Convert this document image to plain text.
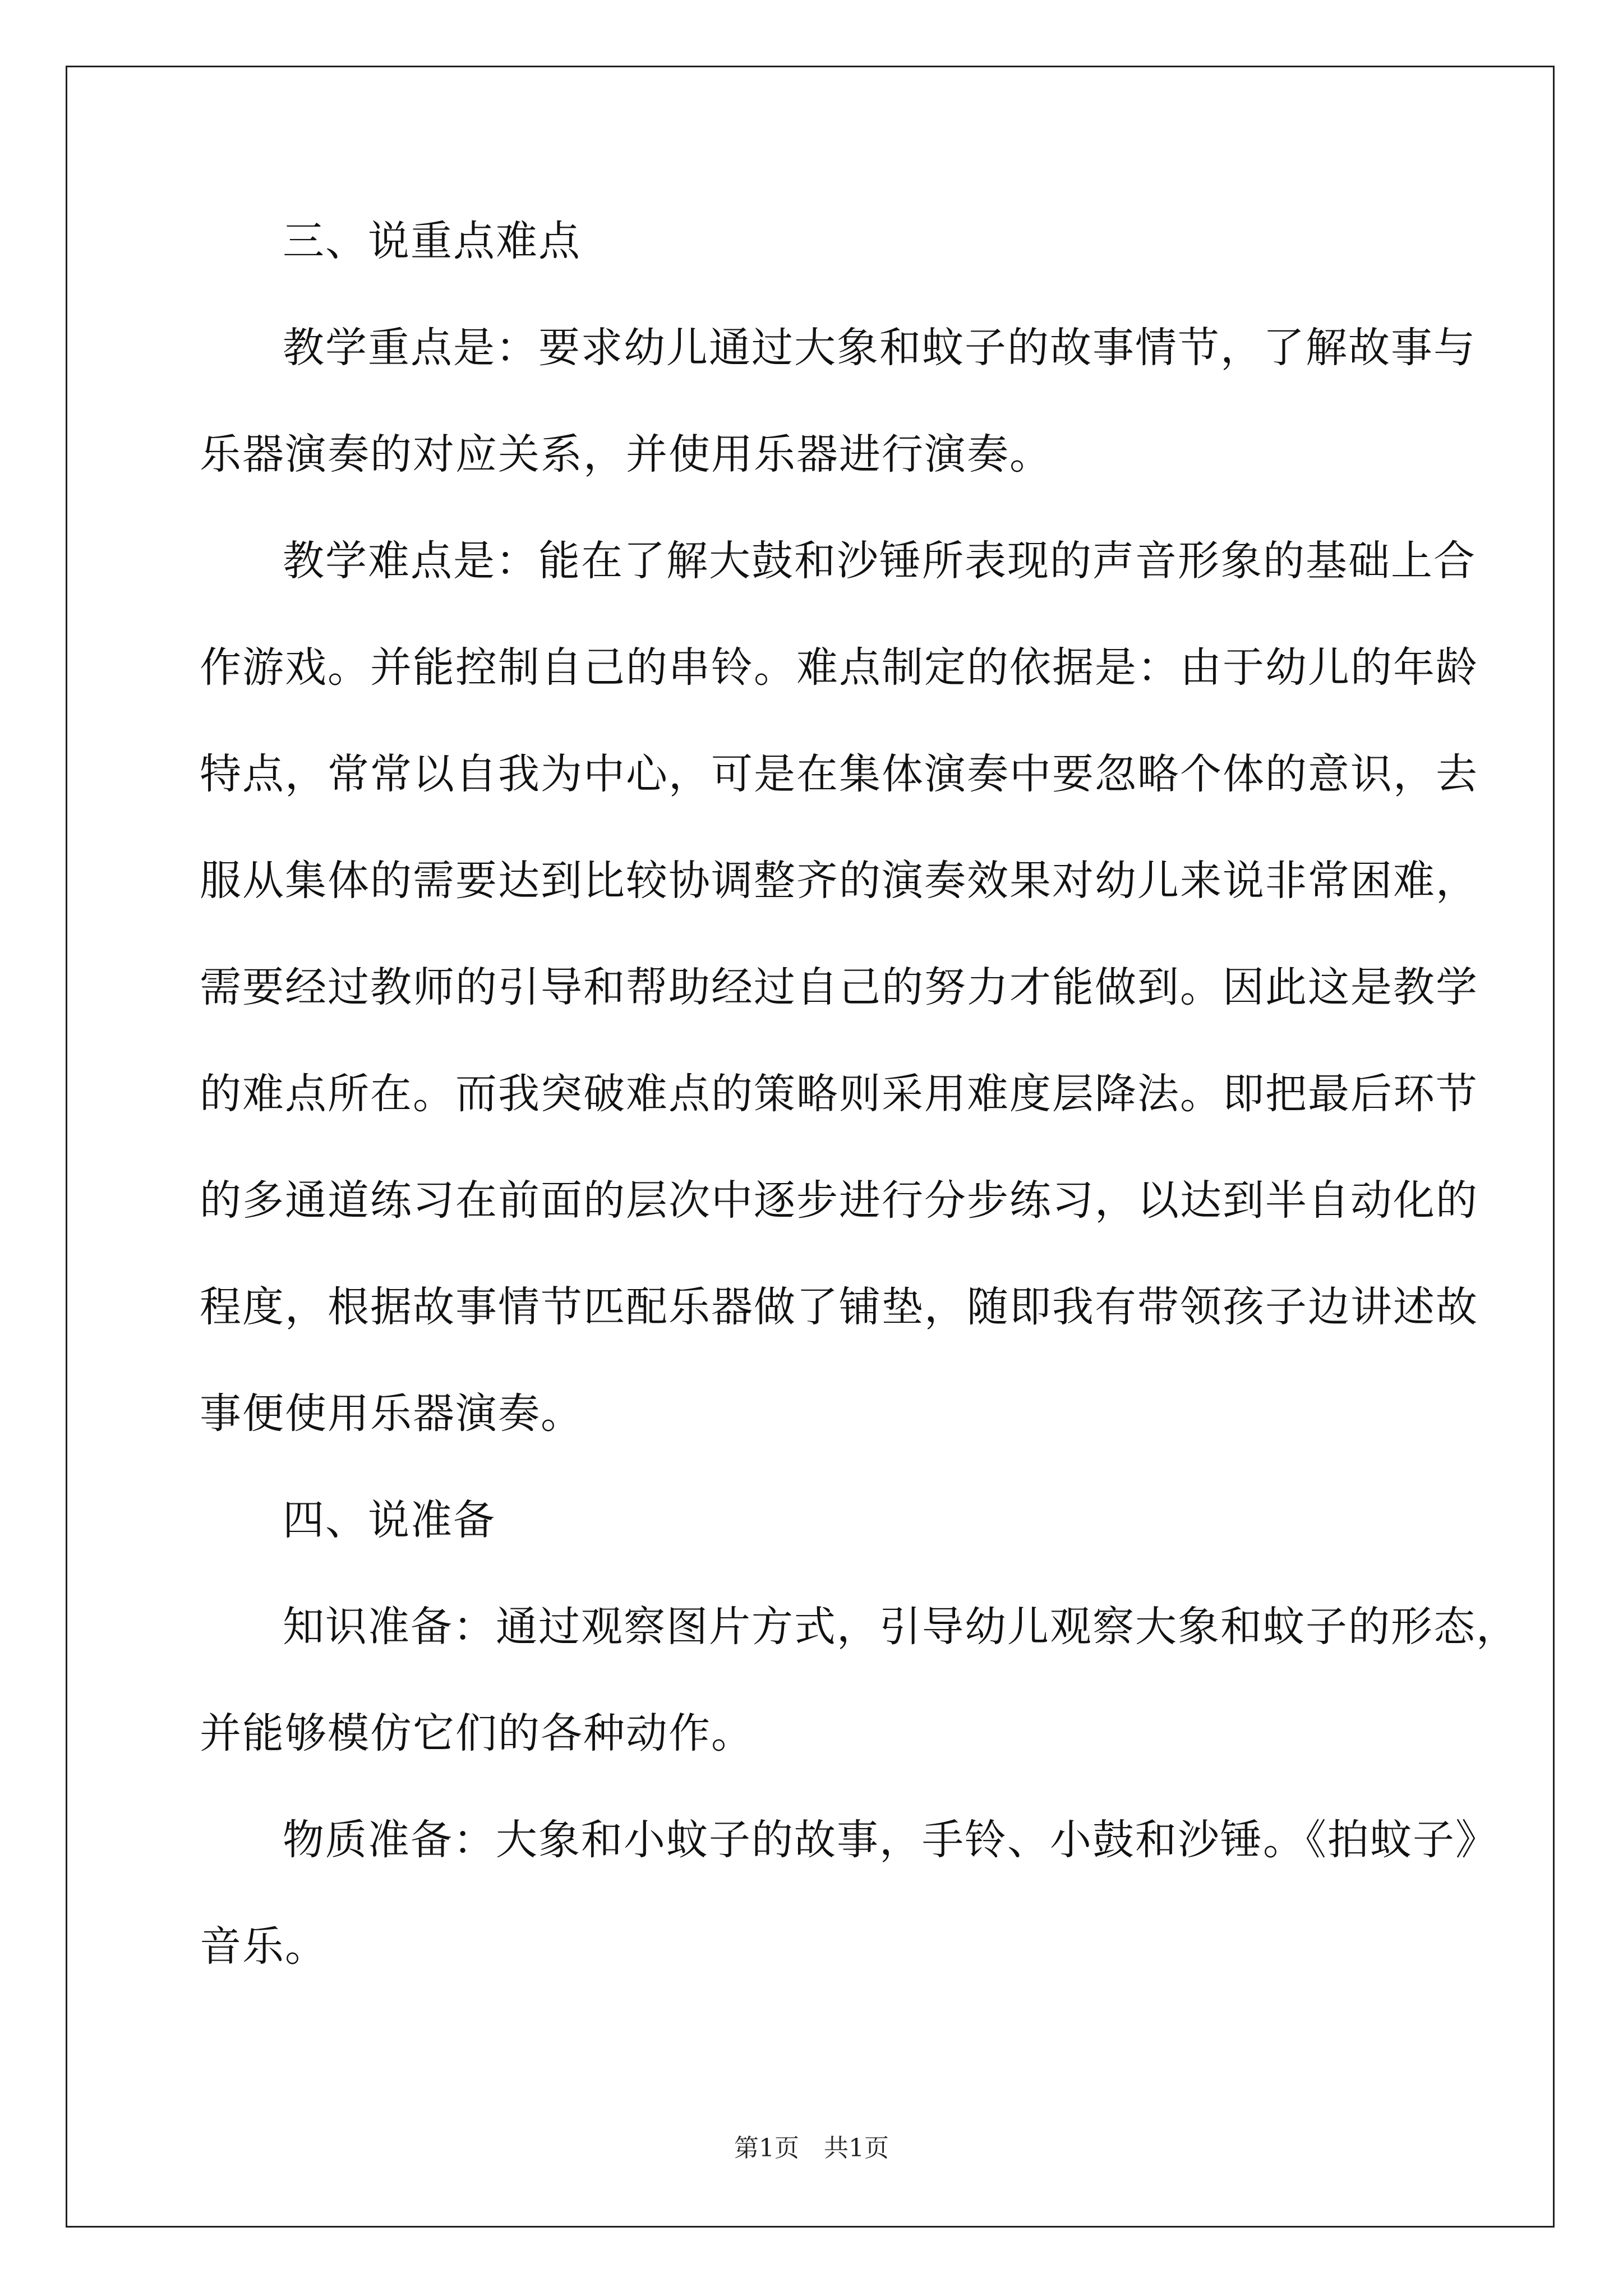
三、说重点难点
教学重点是：要求幼儿通过大象和蚊子的故事情节，了解故事与
乐器演奏的对应关系，并使用乐器进行演奏。
教学难点是：能在了解大鼓和沙锤所表现的声音形象的基础上合
作游戏。并能控制自己的串铃。难点制定的依据是：由于幼儿的年龄
特点，常常以自我为中心，可是在集体演奏中要忽略个体的意识，去
服从集体的需要达到比较协调整齐的演奏效果对幼儿来说非常困难，
需要经过教师的引导和帮助经过自己的努力才能做到。因此这是教学
的难点所在。而我突破难点的策略则采用难度层降法。即把最后环节
的多通道练习在前面的层次中逐步进行分步练习，以达到半自动化的
程度，根据故事情节匹配乐器做了铺垫，随即我有带领孩子边讲述故
事便使用乐器演奏。
四、说准备
知识准备：通过观察图片方式，引导幼儿观察大象和蚊子的形态，
并能够模仿它们的各种动作。
物质准备：大象和小蚊子的故事，手铃、小鼓和沙锤。《拍蚊子》
音乐。
第1页　共1页
